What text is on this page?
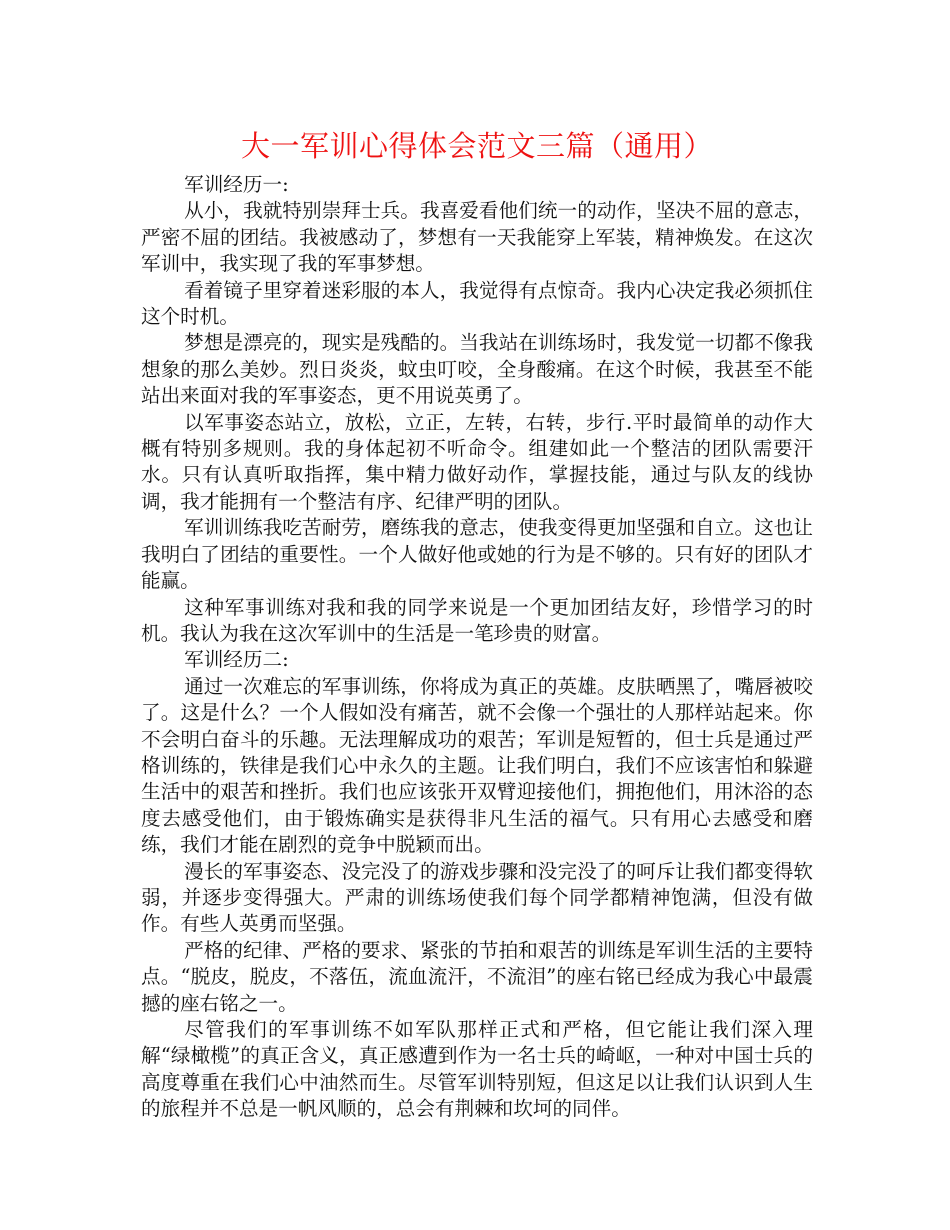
大一军训心得体会范文三篇（通用）

军训经历一:

从小，我就特别崇拜士兵。我喜爱看他们统一的动作，坚决不屈的意志，严密不屈的团结。我被感动了，梦想有一天我能穿上军装，精神焕发。在这次军训中，我实现了我的军事梦想。

看着镜子里穿着迷彩服的本人，我觉得有点惊奇。我内心决定我必须抓住这个时机。

梦想是漂亮的，现实是残酷的。当我站在训练场时，我发觉一切都不像我想象的那么美妙。烈日炎炎，蚊虫叮咬，全身酸痛。在这个时候，我甚至不能站出来面对我的军事姿态，更不用说英勇了。

以军事姿态站立，放松，立正，左转，右转，步行.平时最简单的动作大概有特别多规则。我的身体起初不听命令。组建如此一个整洁的团队需要汗水。只有认真听取指挥，集中精力做好动作，掌握技能，通过与队友的线协调，我才能拥有一个整洁有序、纪律严明的团队。

军训训练我吃苦耐劳，磨练我的意志，使我变得更加坚强和自立。这也让我明白了团结的重要性。一个人做好他或她的行为是不够的。只有好的团队才能赢。

这种军事训练对我和我的同学来说是一个更加团结友好，珍惜学习的时机。我认为我在这次军训中的生活是一笔珍贵的财富。

军训经历二:

通过一次难忘的军事训练，你将成为真正的英雄。皮肤晒黑了，嘴唇被咬了。这是什么？一个人假如没有痛苦，就不会像一个强壮的人那样站起来。你不会明白奋斗的乐趣。无法理解成功的艰苦；军训是短暂的，但士兵是通过严格训练的，铁律是我们心中永久的主题。让我们明白，我们不应该害怕和躲避生活中的艰苦和挫折。我们也应该张开双臂迎接他们，拥抱他们，用沐浴的态度去感受他们，由于锻炼确实是获得非凡生活的福气。只有用心去感受和磨练，我们才能在剧烈的竞争中脱颖而出。

漫长的军事姿态、没完没了的游戏步骤和没完没了的呵斥让我们都变得软弱，并逐步变得强大。严肃的训练场使我们每个同学都精神饱满，但没有做作。有些人英勇而坚强。

严格的纪律、严格的要求、紧张的节拍和艰苦的训练是军训生活的主要特点。“脱皮，脱皮，不落伍，流血流汗，不流泪”的座右铭已经成为我心中最震撼的座右铭之一。

尽管我们的军事训练不如军队那样正式和严格，但它能让我们深入理解“绿橄榄”的真正含义，真正感遭到作为一名士兵的崎岖，一种对中国士兵的高度尊重在我们心中油然而生。尽管军训特别短，但这足以让我们认识到人生的旅程并不总是一帆风顺的，总会有荆棘和坎坷的同伴。
